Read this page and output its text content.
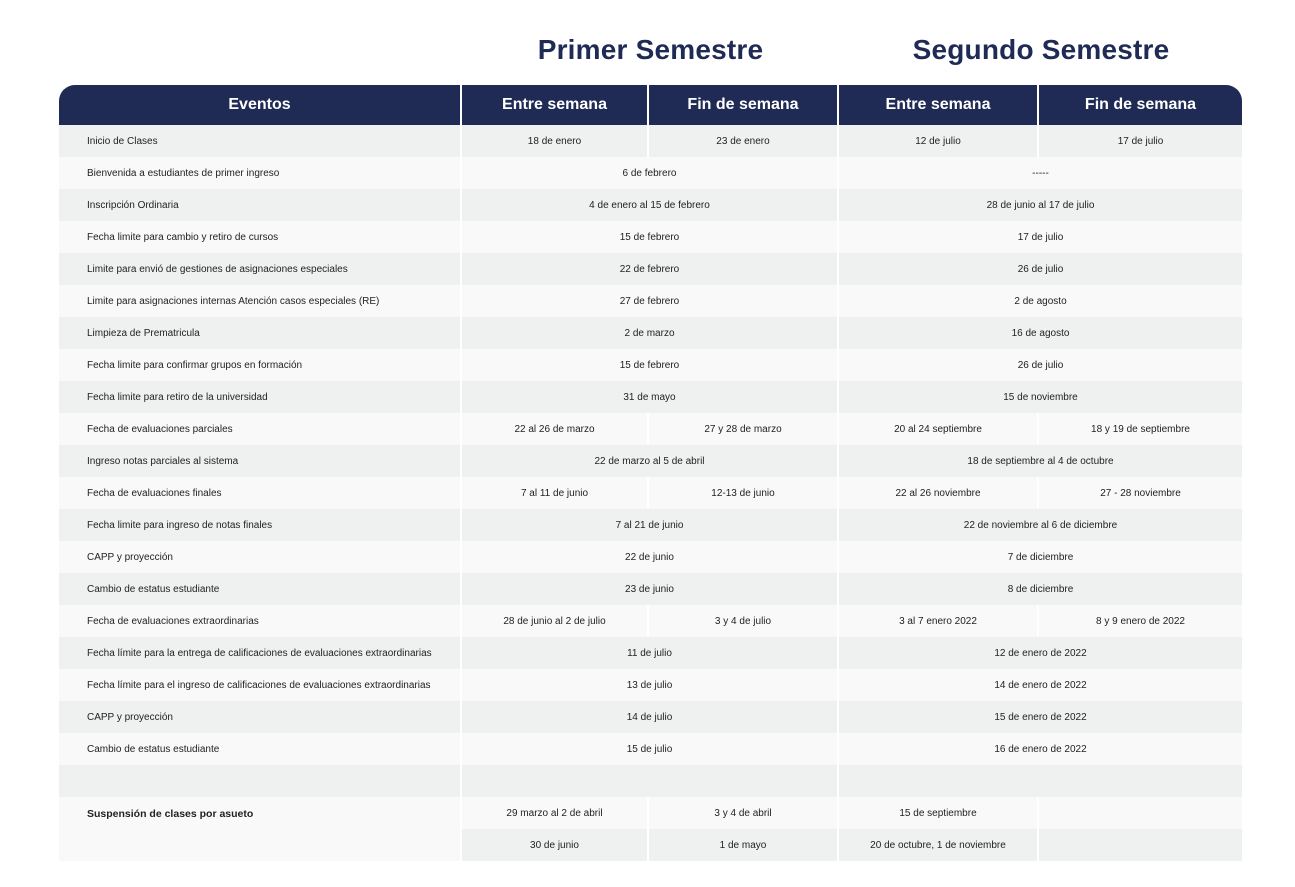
Primer Semestre	Segundo Semestre
Eventos	Entre semana	Fin de semana	Entre semana	Fin de semana
Inicio de Clases	18 de enero	23 de enero	12 de julio	17 de julio
Bienvenida a estudiantes de primer ingreso	6 de febrero		-----	
Inscripción Ordinaria	4 de enero al 15 de febrero		28 de junio al 17 de julio	
Fecha limite para cambio y retiro de cursos	15 de febrero		17 de julio	
Limite para envió de gestiones de asignaciones especiales	22 de febrero		26 de julio	
Limite para asignaciones internas Atención casos especiales (RE)	27 de febrero		2 de agosto	
Limpieza de Prematricula	2 de marzo		16 de agosto	
Fecha limite para confirmar grupos en formación	15 de febrero		26 de julio	
Fecha limite para retiro de la universidad	31 de mayo		15 de noviembre	
Fecha de evaluaciones parciales	22 al 26 de marzo	27 y 28 de marzo	20 al 24 septiembre	18 y 19 de septiembre
Ingreso notas parciales al sistema	22 de marzo al 5 de abril		18 de septiembre al 4 de octubre	
Fecha de evaluaciones finales	7 al 11 de junio	12-13 de junio	22 al 26 noviembre	27 - 28 noviembre
Fecha limite para ingreso de notas finales	7 al 21 de junio		22 de noviembre al 6 de diciembre	
CAPP y proyección	22 de junio		7 de diciembre	
Cambio de estatus estudiante	23 de junio		8 de diciembre	
Fecha de evaluaciones extraordinarias	28 de junio al 2 de julio	3 y 4 de julio	3 al 7 enero 2022	8 y 9 enero de 2022
Fecha límite para la entrega de calificaciones de evaluaciones extraordinarias	11 de julio		12 de enero de 2022	
Fecha límite para el ingreso de calificaciones de evaluaciones extraordinarias	13 de julio		14 de enero de 2022	
CAPP y proyección	14 de julio		15 de enero de 2022	
Cambio de estatus estudiante	15 de julio		16 de enero de 2022	

Suspensión de clases por asueto	29 marzo al 2 de abril	3 y 4 de abril	15 de septiembre	
	30 de junio	1 de mayo	20 de octubre, 1 de noviembre	
